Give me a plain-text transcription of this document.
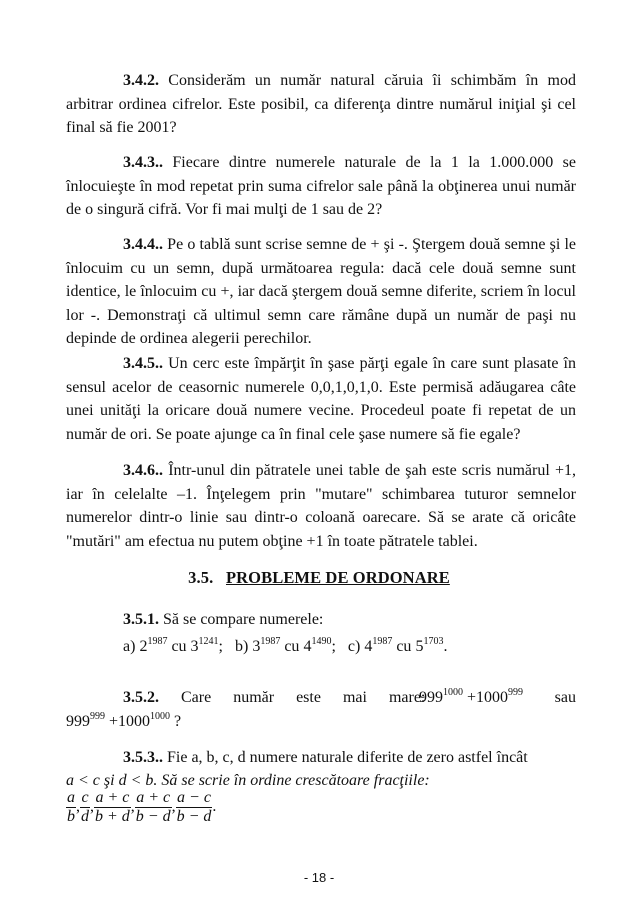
3.4.2. Considerăm un număr natural căruia îi schimbăm în mod arbitrar ordinea cifrelor. Este posibil, ca diferenţa dintre numărul iniţial şi cel final să fie 2001?

3.4.3.. Fiecare dintre numerele naturale de la 1 la 1.000.000 se înlocuieşte în mod repetat prin suma cifrelor sale până la obţinerea unui număr de o singură cifră. Vor fi mai mulţi de 1 sau de 2?

3.4.4.. Pe o tablă sunt scrise semne de + şi -. Ştergem două semne şi le înlocuim cu un semn, după următoarea regula: dacă cele două semne sunt identice, le înlocuim cu +, iar dacă ştergem două semne diferite, scriem în locul lor -. Demonstraţi că ultimul semn care rămâne după un număr de paşi nu depinde de ordinea alegerii perechilor.

3.4.5.. Un cerc este împărţit în şase părţi egale în care sunt plasate în sensul acelor de ceasornic numerele 0,0,1,0,1,0. Este permisă adăugarea câte unei unităţi la oricare două numere vecine. Procedeul poate fi repetat de un număr de ori. Se poate ajunge ca în final cele şase numere să fie egale?

3.4.6.. Într-unul din pătratele unei table de şah este scris numărul +1, iar în celelalte –1. Înţelegem prin "mutare" schimbarea tuturor semnelor numerelor dintr-o linie sau dintr-o coloană oarecare. Să se arate că oricâte "mutări" am efectua nu putem obţine +1 în toate pătratele tablei.

3.5. PROBLEME DE ORDONARE
3.5.1. Să se compare numerele:
a) $2^{1987}$ cu $3^{1241}$;   b) $3^{1987}$ cu $4^{1490}$;   c) $4^{1987}$ cu $5^{1703}$.
3.5.2. Care număr este mai mare:
$999^{1000} +1000^{999}$ sau
$999^{999} +1000^{1000}$ ?
3.5.3.. Fie a, b, c, d numere naturale diferite de zero astfel încât
a < c şi d < b. Să se scrie în ordine crescătoare fracţiile:
$\frac{a}{b}$ , $\frac{c}{d}$ , $\frac{a + c}{b + d}$ , $\frac{a + c}{b - d}$ , $\frac{a - c}{b - d}$ .
- 18 -
